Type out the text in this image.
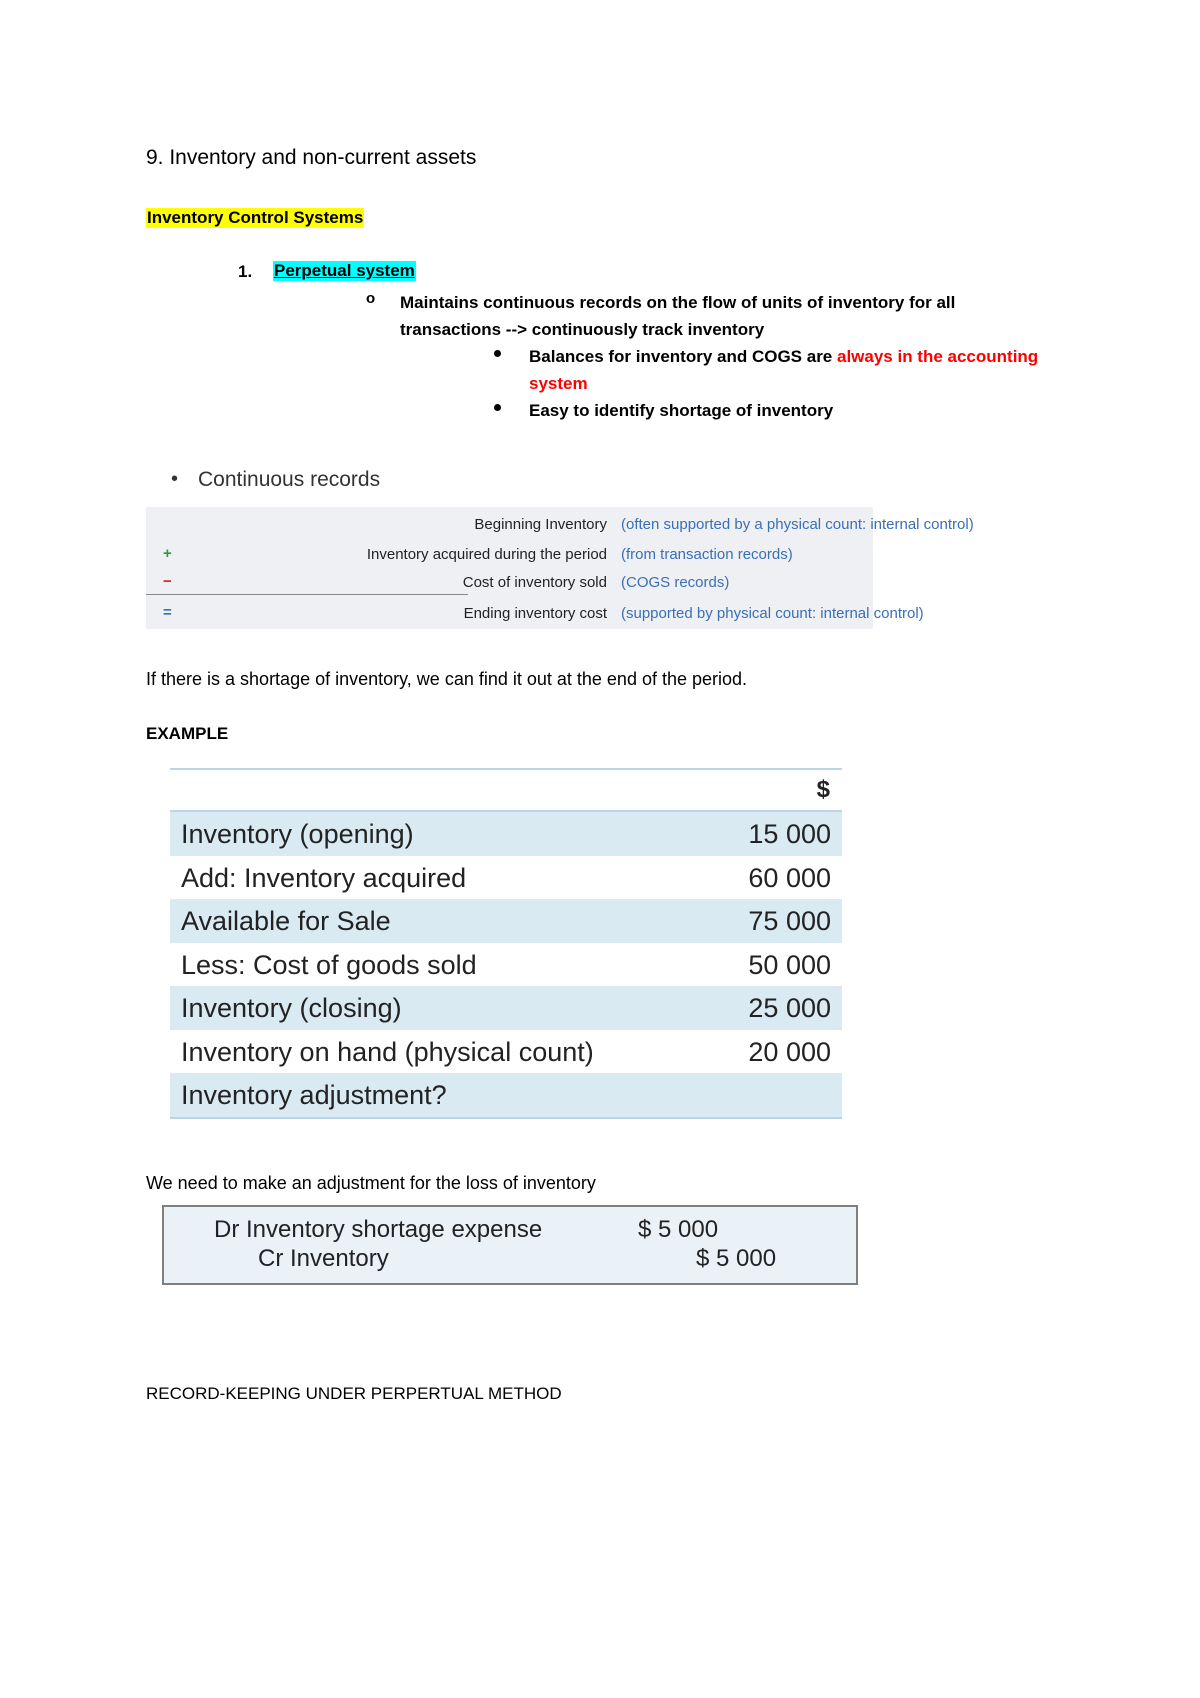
9. Inventory and non-current assets
Inventory Control Systems
1. Perpetual system
o Maintains continuous records on the flow of units of inventory for all transactions --> continuously track inventory
Balances for inventory and COGS are always in the accounting system
Easy to identify shortage of inventory
• Continuous records
Beginning Inventory (often supported by a physical count: internal control)
+	Inventory acquired during the period (from transaction records)
−	Cost of inventory sold (COGS records)
=	Ending inventory cost (supported by physical count: internal control)
If there is a shortage of inventory, we can find it out at the end of the period.
EXAMPLE
$
Inventory (opening)	15 000
Add: Inventory acquired	60 000
Available for Sale	75 000
Less: Cost of goods sold	50 000
Inventory (closing)	25 000
Inventory on hand (physical count)	20 000
Inventory adjustment?
We need to make an adjustment for the loss of inventory
Dr Inventory shortage expense	$ 5 000
Cr Inventory	$ 5 000
RECORD-KEEPING UNDER PERPERTUAL METHOD
